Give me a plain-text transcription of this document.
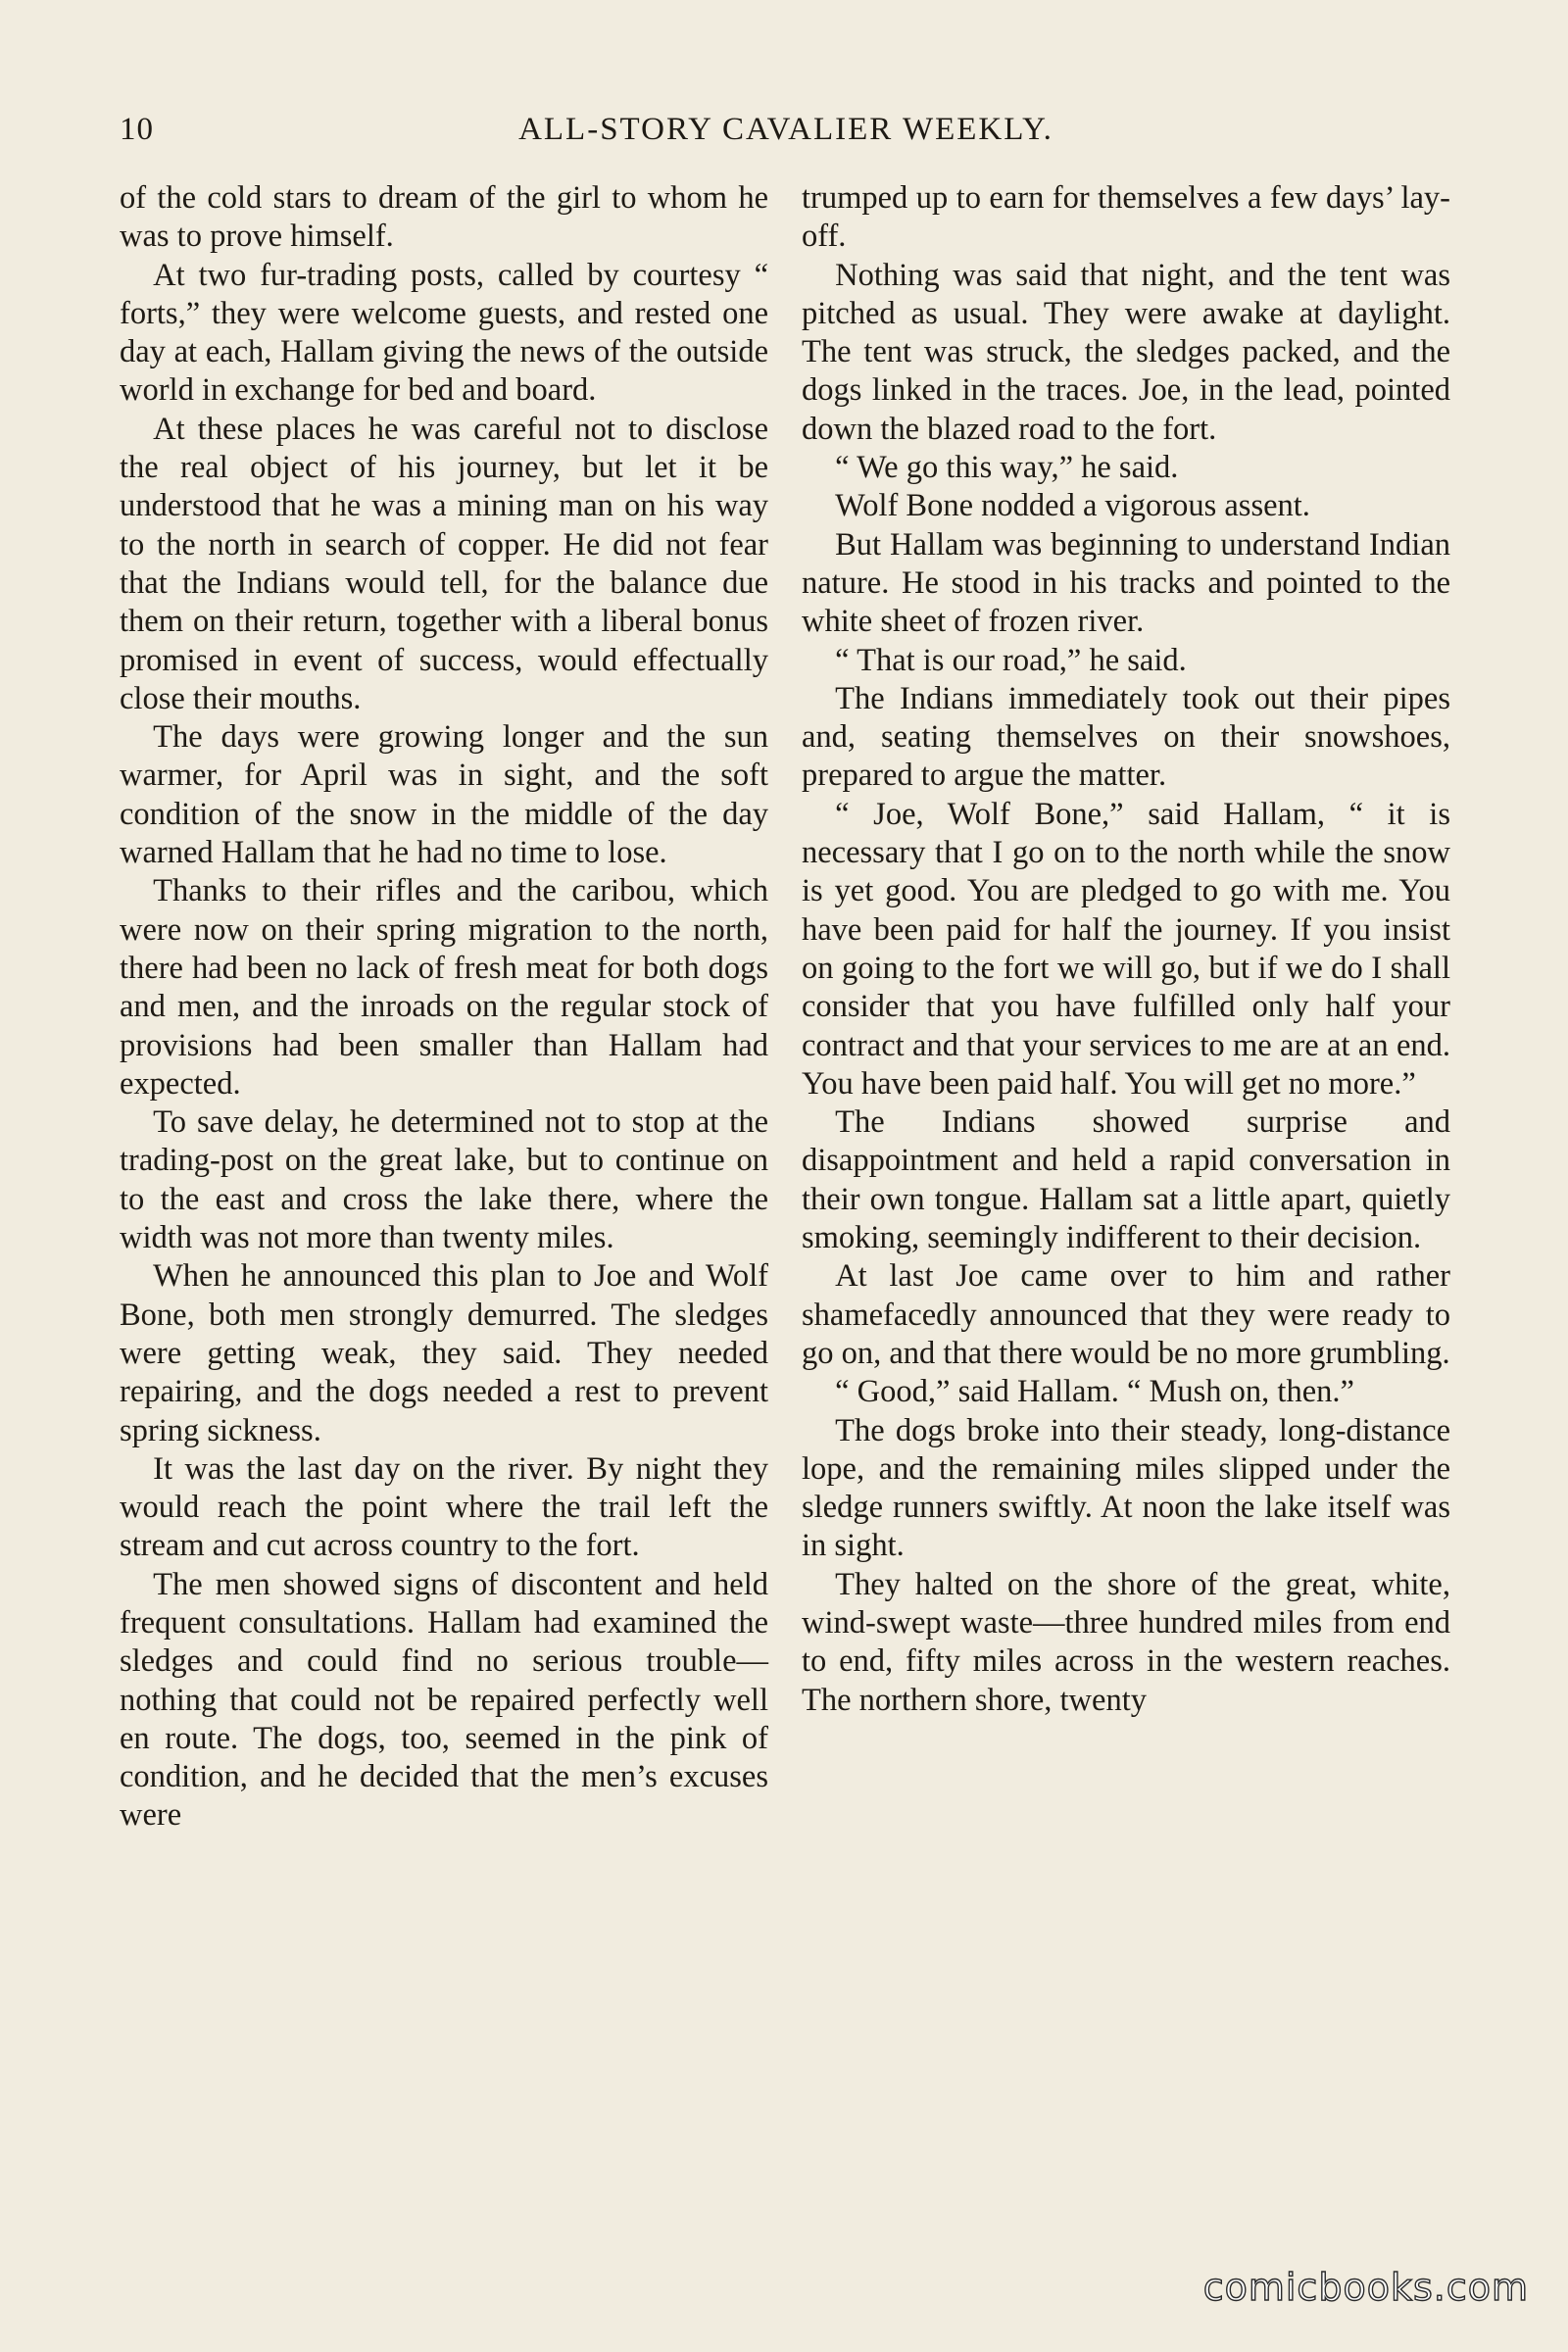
10	ALL-STORY CAVALIER WEEKLY.

of the cold stars to dream of the girl to whom he was to prove himself.

At two fur-trading posts, called by courtesy “ forts,” they were welcome guests, and rested one day at each, Hallam giving the news of the outside world in exchange for bed and board.

At these places he was careful not to disclose the real object of his journey, but let it be understood that he was a mining man on his way to the north in search of copper. He did not fear that the Indians would tell, for the balance due them on their return, together with a liberal bonus promised in event of success, would effectually close their mouths.

The days were growing longer and the sun warmer, for April was in sight, and the soft condition of the snow in the middle of the day warned Hallam that he had no time to lose.

Thanks to their rifles and the caribou, which were now on their spring migration to the north, there had been no lack of fresh meat for both dogs and men, and the inroads on the regular stock of provisions had been smaller than Hallam had expected.

To save delay, he determined not to stop at the trading-post on the great lake, but to continue on to the east and cross the lake there, where the width was not more than twenty miles.

When he announced this plan to Joe and Wolf Bone, both men strongly demurred. The sledges were getting weak, they said. They needed repairing, and the dogs needed a rest to prevent spring sickness.

It was the last day on the river. By night they would reach the point where the trail left the stream and cut across country to the fort.

The men showed signs of discontent and held frequent consultations. Hallam had examined the sledges and could find no serious trouble—nothing that could not be repaired perfectly well en route. The dogs, too, seemed in the pink of condition, and he decided that the men’s excuses were

trumped up to earn for themselves a few days’ lay-off.

Nothing was said that night, and the tent was pitched as usual. They were awake at daylight. The tent was struck, the sledges packed, and the dogs linked in the traces. Joe, in the lead, pointed down the blazed road to the fort.

“ We go this way,” he said.

Wolf Bone nodded a vigorous assent.

But Hallam was beginning to understand Indian nature. He stood in his tracks and pointed to the white sheet of frozen river.

“ That is our road,” he said.

The Indians immediately took out their pipes and, seating themselves on their snowshoes, prepared to argue the matter.

“ Joe, Wolf Bone,” said Hallam, “ it is necessary that I go on to the north while the snow is yet good. You are pledged to go with me. You have been paid for half the journey. If you insist on going to the fort we will go, but if we do I shall consider that you have fulfilled only half your contract and that your services to me are at an end. You have been paid half. You will get no more.”

The Indians showed surprise and disappointment and held a rapid conversation in their own tongue. Hallam sat a little apart, quietly smoking, seemingly indifferent to their decision.

At last Joe came over to him and rather shamefacedly announced that they were ready to go on, and that there would be no more grumbling.

“ Good,” said Hallam. “ Mush on, then.”

The dogs broke into their steady, long-distance lope, and the remaining miles slipped under the sledge runners swiftly. At noon the lake itself was in sight.

They halted on the shore of the great, white, wind-swept waste—three hundred miles from end to end, fifty miles across in the western reaches. The northern shore, twenty

comicbooks.com
